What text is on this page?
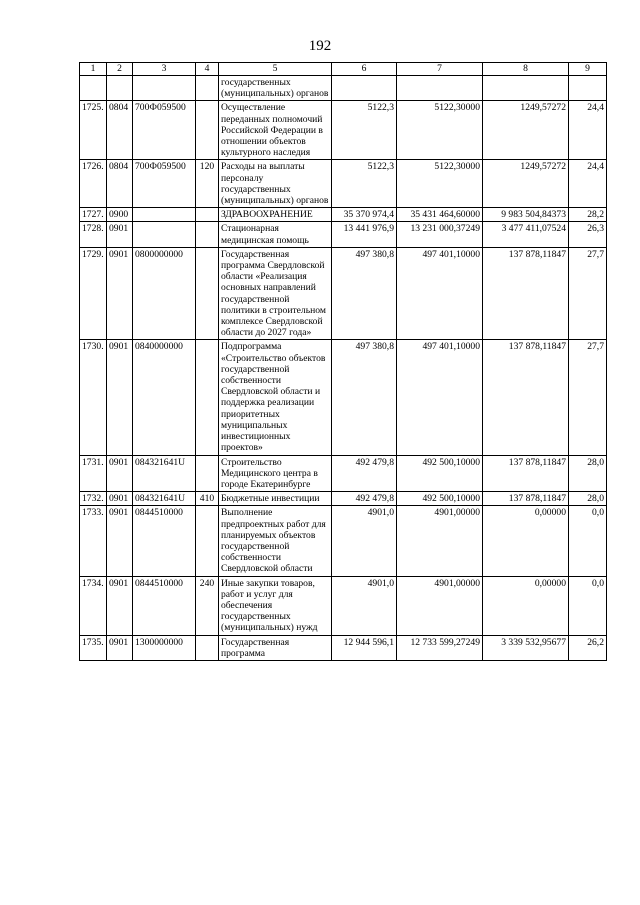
192
1	2	3	4	5	6	7	8	9
				государственных (муниципальных) органов				
1725.	0804	700Ф059500		Осуществление переданных полномочий Российской Федерации в отношении объектов культурного наследия	5122,3	5122,30000	1249,57272	24,4
1726.	0804	700Ф059500	120	Расходы на выплаты персоналу государственных (муниципальных) органов	5122,3	5122,30000	1249,57272	24,4
1727.	0900			ЗДРАВООХРАНЕНИЕ	35 370 974,4	35 431 464,60000	9 983 504,84373	28,2
1728.	0901			Стационарная медицинская помощь	13 441 976,9	13 231 000,37249	3 477 411,07524	26,3
1729.	0901	0800000000		Государственная программа Свердловской области «Реализация основных направлений государственной политики в строительном комплексе Свердловской области до 2027 года»	497 380,8	497 401,10000	137 878,11847	27,7
1730.	0901	0840000000		Подпрограмма «Строительство объектов государственной собственности Свердловской области и поддержка реализации приоритетных муниципальных инвестиционных проектов»	497 380,8	497 401,10000	137 878,11847	27,7
1731.	0901	084321641U		Строительство Медицинского центра в городе Екатеринбурге	492 479,8	492 500,10000	137 878,11847	28,0
1732.	0901	084321641U	410	Бюджетные инвестиции	492 479,8	492 500,10000	137 878,11847	28,0
1733.	0901	0844510000		Выполнение предпроектных работ для планируемых объектов государственной собственности Свердловской области	4901,0	4901,00000	0,00000	0,0
1734.	0901	0844510000	240	Иные закупки товаров, работ и услуг для обеспечения государственных (муниципальных) нужд	4901,0	4901,00000	0,00000	0,0
1735.	0901	1300000000		Государственная программа	12 944 596,1	12 733 599,27249	3 339 532,95677	26,2
